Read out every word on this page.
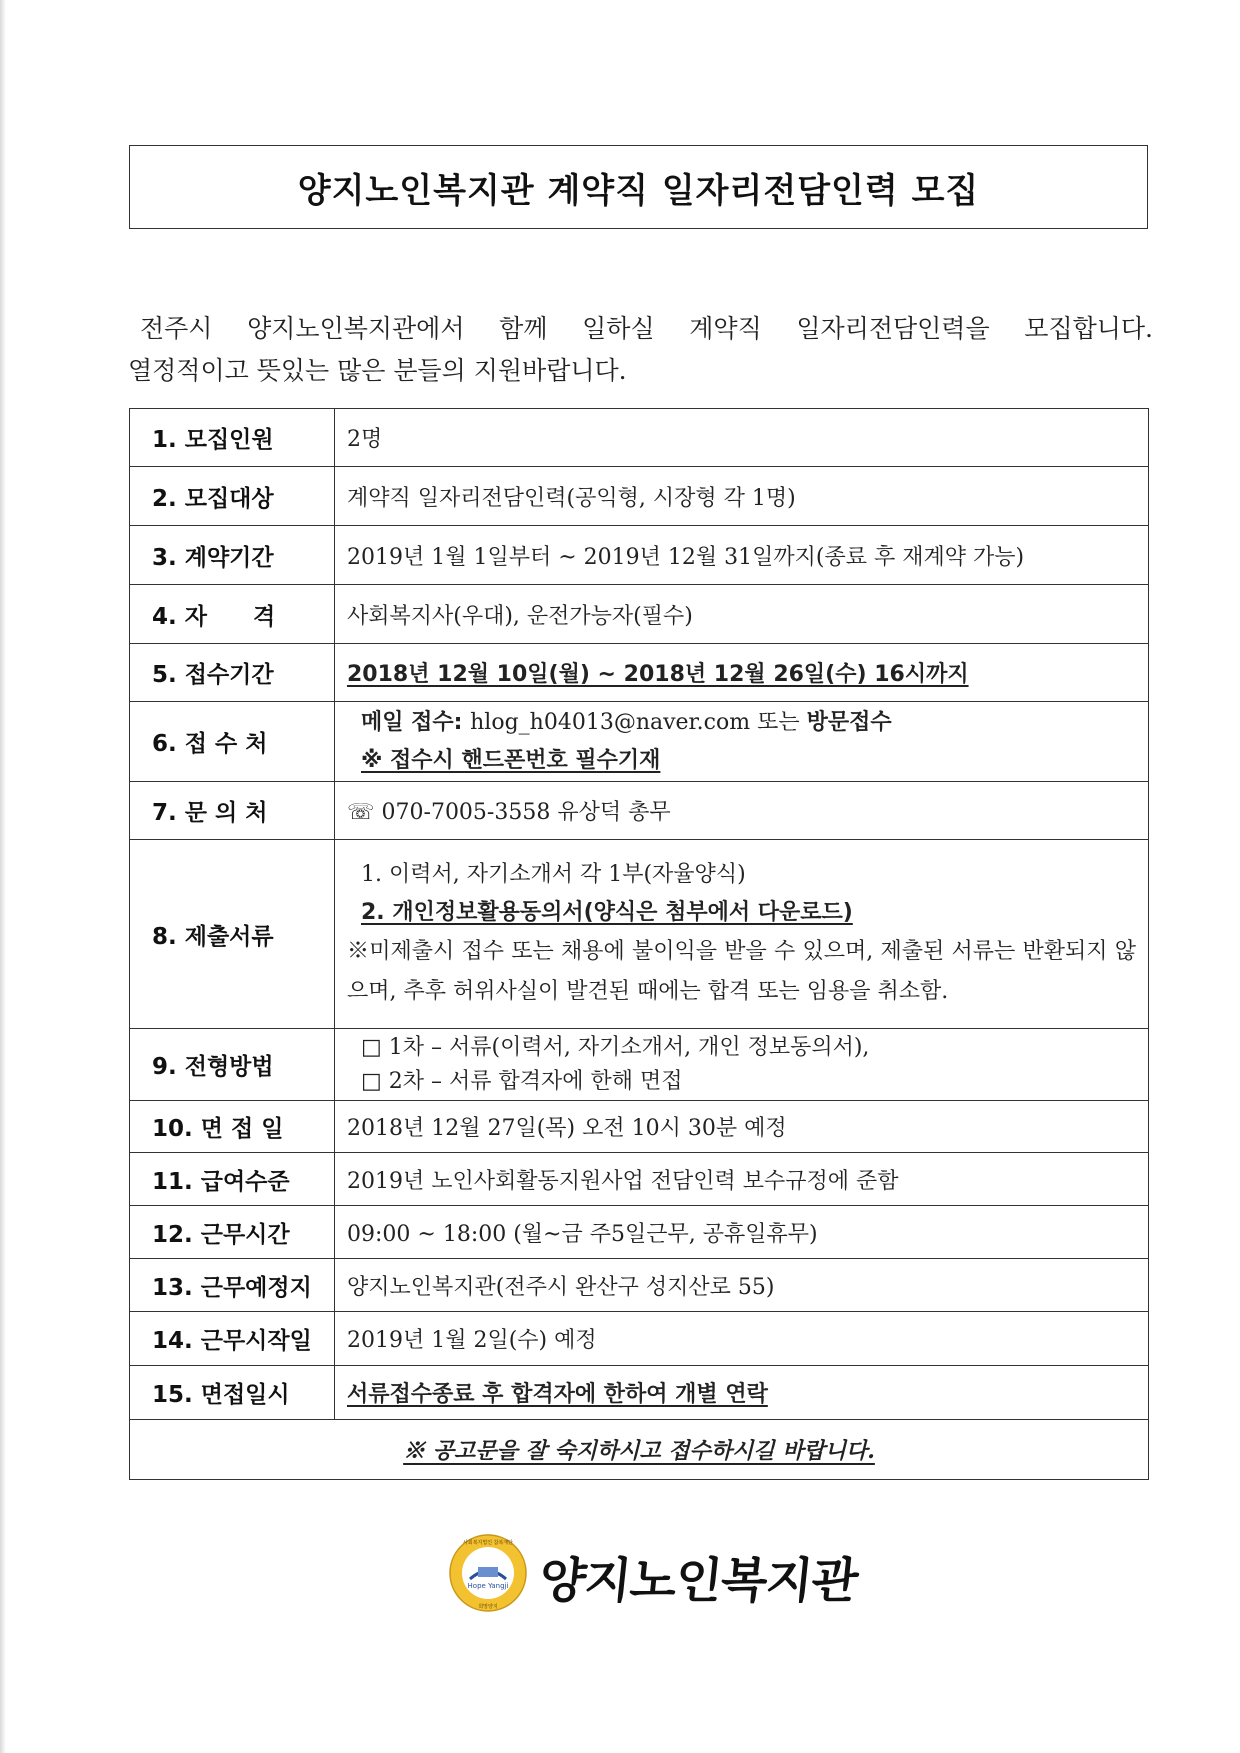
양지노인복지관 계약직 일자리전담인력 모집

전주시 양지노인복지관에서 함께 일하실 계약직 일자리전담인력을 모집합니다.
열정적이고 뜻있는 많은 분들의 지원바랍니다.

1. 모집인원	2명
2. 모집대상	계약직 일자리전담인력(공익형, 시장형 각 1명)
3. 계약기간	2019년 1월 1일부터 ~ 2019년 12월 31일까지(종료 후 재계약 가능)
4. 자　　격	사회복지사(우대), 운전가능자(필수)
5. 접수기간	2018년 12월 10일(월) ~ 2018년 12월 26일(수) 16시까지
6. 접 수 처	메일 접수: hlog_h04013@naver.com 또는 방문접수
※ 접수시 핸드폰번호 필수기재

7. 문 의 처	☏ 070-7005-3558 유상덕 총무
8. 제출서류	1. 이력서, 자기소개서 각 1부(자율양식)
2. 개인정보활용동의서(양식은 첨부에서 다운로드)
※미제출시 접수 또는 채용에 불이익을 받을 수 있으며, 제출된 서류는 반환되지 않으며, 추후 허위사실이 발견된 때에는 합격 또는 임용을 취소함.

9. 전형방법	□ 1차 – 서류(이력서, 자기소개서, 개인 정보동의서),
□ 2차 – 서류 합격자에 한해 면접

10. 면 접 일	2018년 12월 27일(목) 오전 10시 30분 예정
11. 급여수준	2019년 노인사회활동지원사업 전담인력 보수규정에 준함
12. 근무시간	09:00 ~ 18:00 (월~금 주5일근무, 공휴일휴무)
13. 근무예정지	양지노인복지관(전주시 완산구 성지산로 55)
14. 근무시작일	2019년 1월 2일(수) 예정
15. 면접일시	서류접수종료 후 합격자에 한하여 개별 연락
※ 공고문을 잘 숙지하시고 접수하시길 바랍니다.	
Hope Yangji
사회복지법인 참복재단
희망양지 양지노인복지관
